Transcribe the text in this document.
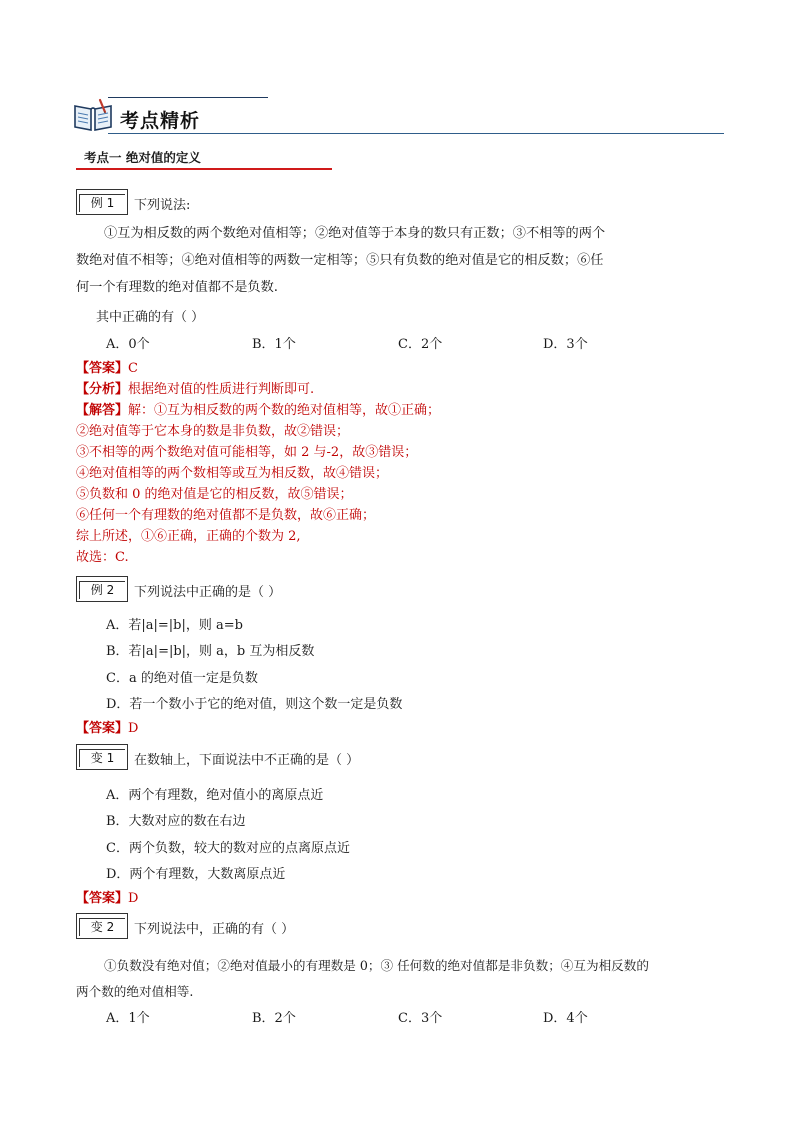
考点精析
考点一 绝对值的定义
例 1	下列说法:
①互为相反数的两个数绝对值相等；②绝对值等于本身的数只有正数；③不相等的两个
数绝对值不相等；④绝对值相等的两数一定相等；⑤只有负数的绝对值是它的相反数；⑥任
何一个有理数的绝对值都不是负数.
其中正确的有（ ）
A．0个	B．1个	C．2个	D．3个
【答案】C
【分析】根据绝对值的性质进行判断即可.
【解答】解：①互为相反数的两个数的绝对值相等，故①正确；
②绝对值等于它本身的数是非负数，故②错误；
③不相等的两个数绝对值可能相等，如 2 与-2，故③错误；
④绝对值相等的两个数相等或互为相反数，故④错误；
⑤负数和 0 的绝对值是它的相反数，故⑤错误；
⑥任何一个有理数的绝对值都不是负数，故⑥正确；
综上所述，①⑥正确，正确的个数为 2,
故选：C.
例 2	下列说法中正确的是（ ）
A．若|a|=|b|，则 a=b
B．若|a|=|b|，则 a，b 互为相反数
C．a 的绝对值一定是负数
D．若一个数小于它的绝对值，则这个数一定是负数
【答案】D
变 1	在数轴上，下面说法中不正确的是（ ）
A．两个有理数，绝对值小的离原点近
B．大数对应的数在右边
C．两个负数，较大的数对应的点离原点近
D．两个有理数，大数离原点近
【答案】D
变 2	下列说法中，正确的有（ ）
①负数没有绝对值；②绝对值最小的有理数是 0；③ 任何数的绝对值都是非负数；④互为相反数的
两个数的绝对值相等.
A．1个	B．2个	C．3个	D．4个
